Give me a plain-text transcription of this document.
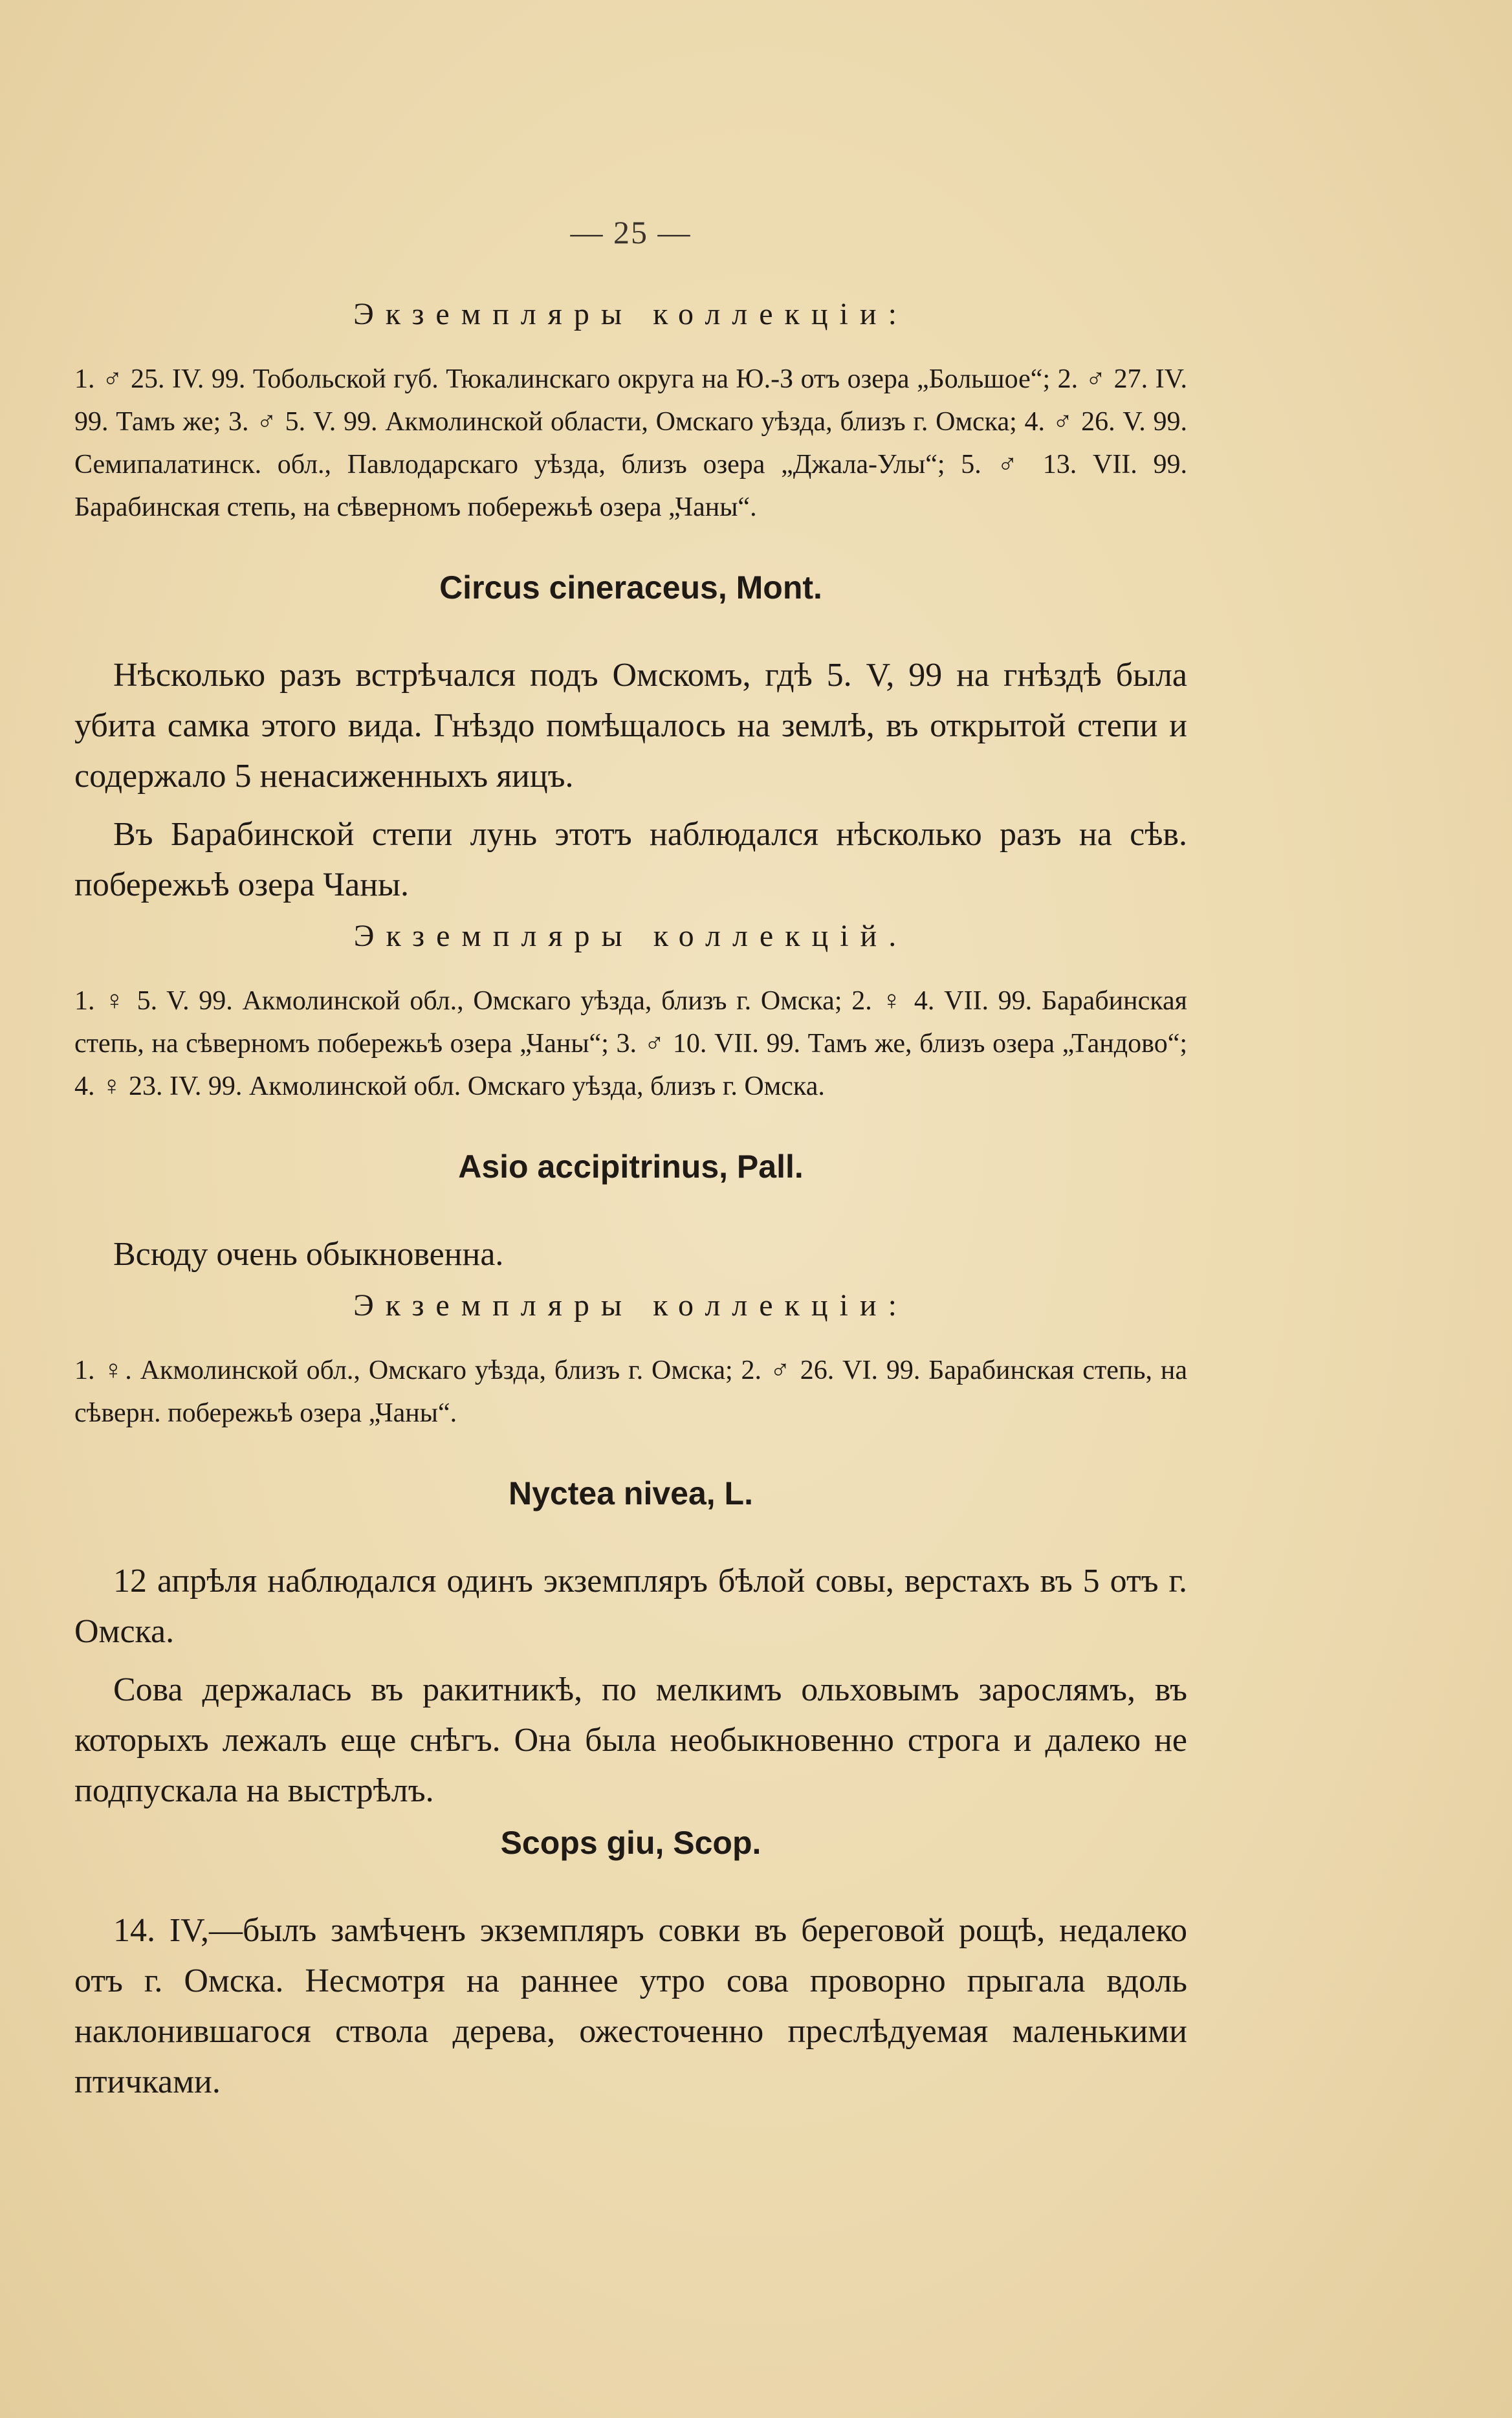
— 25 —
Экземпляры коллекціи:
1. ♂ 25. IV. 99. Тобольской губ. Тюкалинскаго округа на Ю.-З отъ озера „Большое“; 2. ♂ 27. IV. 99. Тамъ же; 3. ♂ 5. V. 99. Акмолинской области, Омскаго уѣзда, близъ г. Омска; 4. ♂ 26. V. 99. Семипалатинск. обл., Павлодарскаго уѣзда, близъ озера „Джала-Улы“; 5. ♂ 13. VII. 99. Барабинская степь, на сѣверномъ побережьѣ озера „Чаны“.
Circus cineraceus, Mont.
Нѣсколько разъ встрѣчался подъ Омскомъ, гдѣ 5. V, 99 на гнѣздѣ была убита самка этого вида. Гнѣздо помѣщалось на землѣ, въ открытой степи и содержало 5 ненасиженныхъ яицъ.
Въ Барабинской степи лунь этотъ наблюдался нѣсколько разъ на сѣв. побережьѣ озера Чаны.
Экземпляры коллекцій.
1. ♀ 5. V. 99. Акмолинской обл., Омскаго уѣзда, близъ г. Омска; 2. ♀ 4. VII. 99. Барабинская степь, на сѣверномъ побережьѣ озера „Чаны“; 3. ♂ 10. VII. 99. Тамъ же, близъ озера „Тандово“; 4. ♀ 23. IV. 99. Акмолинской обл. Омскаго уѣзда, близъ г. Омска.
Asio accipitrinus, Pall.
Всюду очень обыкновенна.
Экземпляры коллекціи:
1. ♀. Акмолинской обл., Омскаго уѣзда, близъ г. Омска; 2. ♂ 26. VI. 99. Барабинская степь, на сѣверн. побережьѣ озера „Чаны“.
Nyctea nivea, L.
12 апрѣля наблюдался одинъ экземпляръ бѣлой совы, верстахъ въ 5 отъ г. Омска.
Сова держалась въ ракитникѣ, по мелкимъ ольховымъ зарослямъ, въ которыхъ лежалъ еще снѣгъ. Она была необыкновенно строга и далеко не подпускала на выстрѣлъ.
Scops giu, Scop.
14. IV,—былъ замѣченъ экземпляръ совки въ береговой рощѣ, недалеко отъ г. Омска. Несмотря на раннее утро сова проворно прыгала вдоль наклонившагося ствола дерева, ожесточенно преслѣдуемая маленькими птичками.
